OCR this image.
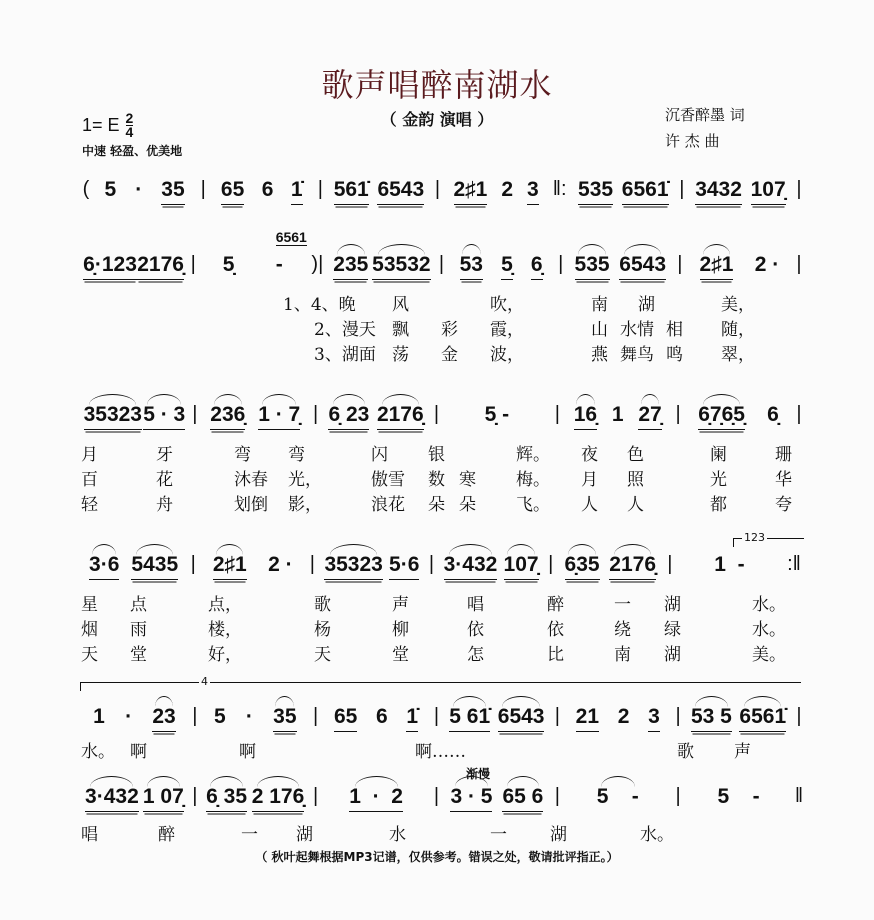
歌声唱醉南湖水
（ 金韵 演唱 ）
1= E $\frac{2}{4}$
中速 轻盈、优美地
沉香醉墨 词
许 杰 曲
( 5 · 35 | 65 6 1̇ | 561̇ 6543 | 2♯1 2 3 ‖: 535 6561̇ | 3432 107̣ |
6̣·123 2176̣̣ | 5̣ -
6561
)| 235 53532 | 53 5̣ 6̣ | 535 6543 | 2♯1 2 · |
35323 5 · 3 | 236̣ 1 · 7̣ | 6̣ 23 2176̣̣ | 5̣ - | 16̣ 1 27̣ | 6̣7̣6̣5̣ 6̣ |
3·6 5435 | 2♯1 2 · | 35323 5·6 | 3·432 107̣ | 6̣35 2176̣̣ | 1  - :‖
1 · 23 | 5 · 35 | 65 6 1̇ | 5 61̇ 6543 | 21 2 3 | 53 5 6561̇ |
3·432 1 07̣ | 6̣ 35 2 176̣̣ | 1  ·  2 | 3 · 5 65 6 | 5    - | 5    - ‖
渐慢
123
4
1、4、晚 风	吹，	南 湖	美，
2、漫天 飘 彩 霞，	山 水情 相 随，
3、湖面 荡 金 波，	燕 舞鸟 鸣 翠，
月	牙	弯 弯	闪 银	辉。 夜 色	阑	珊
百	花	沐春 光，	傲雪 数 寒 梅。 月 照	光	华
轻	舟	划倒 影，	浪花 朵 朵 飞。 人 人	都	夸
星 点	点，	歌	声	唱	醉	一 湖	水。
烟 雨	楼，	杨	柳	依	依	绕 绿	水。
天 堂	好，	天	堂	怎	比	南 湖	美。
水。 啊	啊	啊……	歌 声
唱	醉	一 湖	水	一	湖	水。
（ 秋叶起舞根据MP3记谱，仅供参考。错误之处，敬请批评指正。）
